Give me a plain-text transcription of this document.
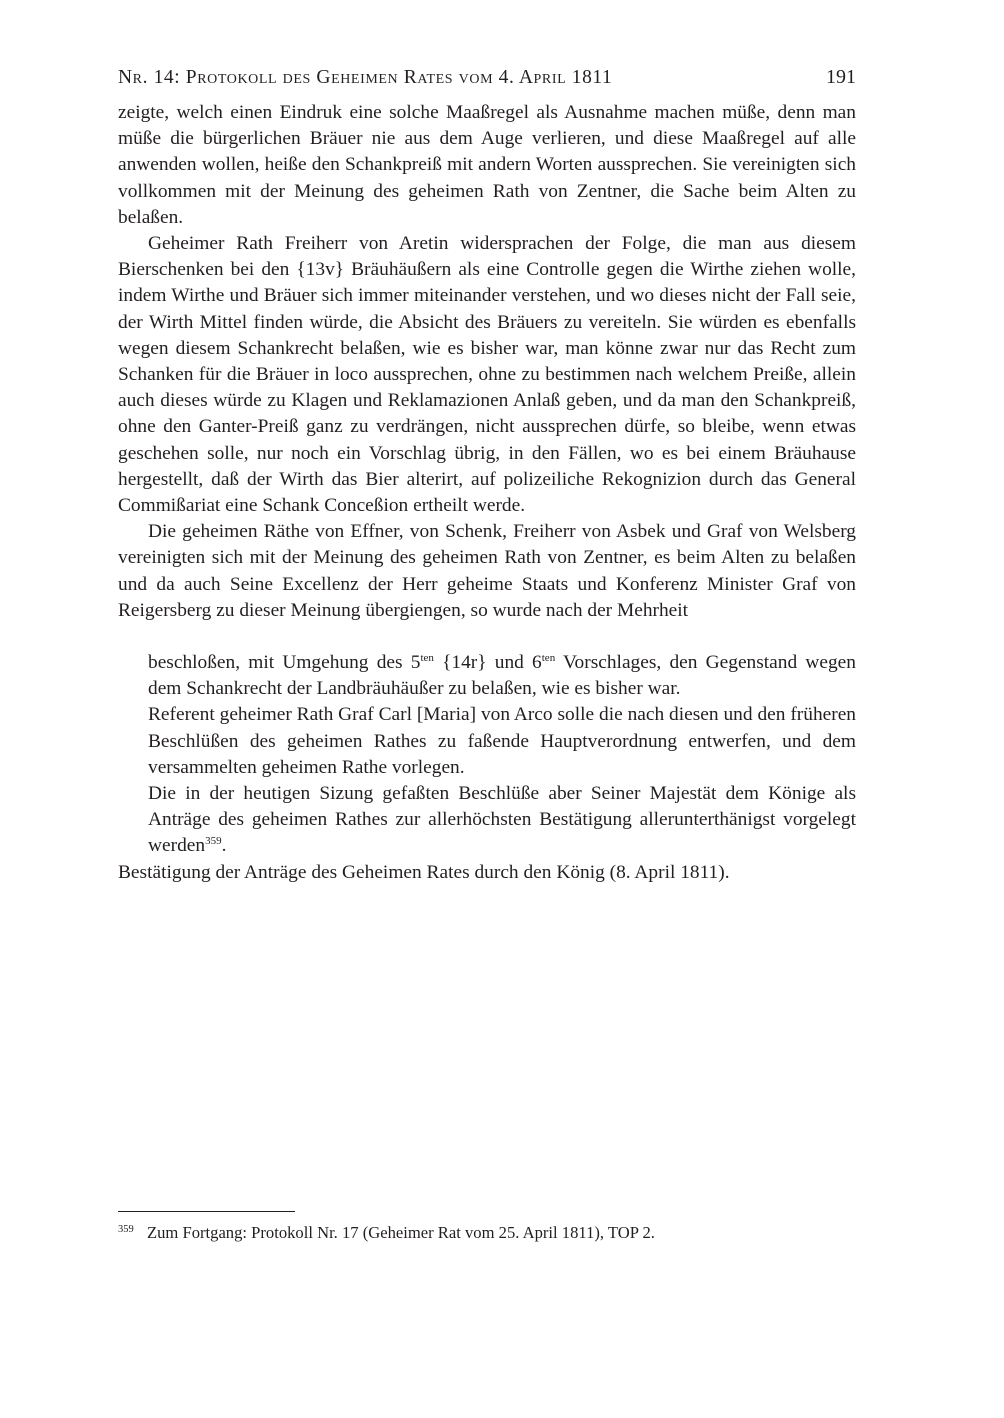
Nr. 14: Protokoll des Geheimen Rates vom 4. April 1811	191

zeigte, welch einen Eindruk eine solche Maaßregel als Ausnahme machen müße, denn man müße die bürgerlichen Bräuer nie aus dem Auge verlieren, und diese Maaßregel auf alle anwenden wollen, heiße den Schankpreiß mit andern Worten aussprechen. Sie vereinigten sich vollkommen mit der Meinung des geheimen Rath von Zentner, die Sache beim Alten zu belaßen.

Geheimer Rath Freiherr von Aretin widersprachen der Folge, die man aus diesem Bierschenken bei den {13v} Bräuhäußern als eine Controlle gegen die Wirthe ziehen wolle, indem Wirthe und Bräuer sich immer miteinander verstehen, und wo dieses nicht der Fall seie, der Wirth Mittel finden würde, die Absicht des Bräuers zu vereiteln. Sie würden es ebenfalls wegen diesem Schankrecht belaßen, wie es bisher war, man könne zwar nur das Recht zum Schanken für die Bräuer in loco aussprechen, ohne zu bestimmen nach welchem Preiße, allein auch dieses würde zu Klagen und Reklamazionen Anlaß geben, und da man den Schankpreiß, ohne den Ganter-Preiß ganz zu verdrängen, nicht aussprechen dürfe, so bleibe, wenn etwas geschehen solle, nur noch ein Vorschlag übrig, in den Fällen, wo es bei einem Bräuhause hergestellt, daß der Wirth das Bier alterirt, auf polizeiliche Rekognizion durch das General Commißariat eine Schank Conceßion ertheilt werde.

Die geheimen Räthe von Effner, von Schenk, Freiherr von Asbek und Graf von Welsberg vereinigten sich mit der Meinung des geheimen Rath von Zentner, es beim Alten zu belaßen und da auch Seine Excellenz der Herr geheime Staats und Konferenz Minister Graf von Reigersberg zu dieser Meinung übergiengen, so wurde nach der Mehrheit

beschloßen, mit Umgehung des $5^{ten}$ {14r} und $6^{ten}$ Vorschlages, den Gegenstand wegen dem Schankrecht der Landbräuhäußer zu belaßen, wie es bisher war.

Referent geheimer Rath Graf Carl [Maria] von Arco solle die nach diesen und den früheren Beschlüßen des geheimen Rathes zu faßende Hauptverordnung entwerfen, und dem versammelten geheimen Rathe vorlegen.

Die in der heutigen Sizung gefaßten Beschlüße aber Seiner Majestät dem Könige als Anträge des geheimen Rathes zur allerhöchsten Bestätigung allerunterthänigst vorgelegt werden$^{359}$.

Bestätigung der Anträge des Geheimen Rates durch den König (8. April 1811).

359 Zum Fortgang: Protokoll Nr. 17 (Geheimer Rat vom 25. April 1811), TOP 2.
